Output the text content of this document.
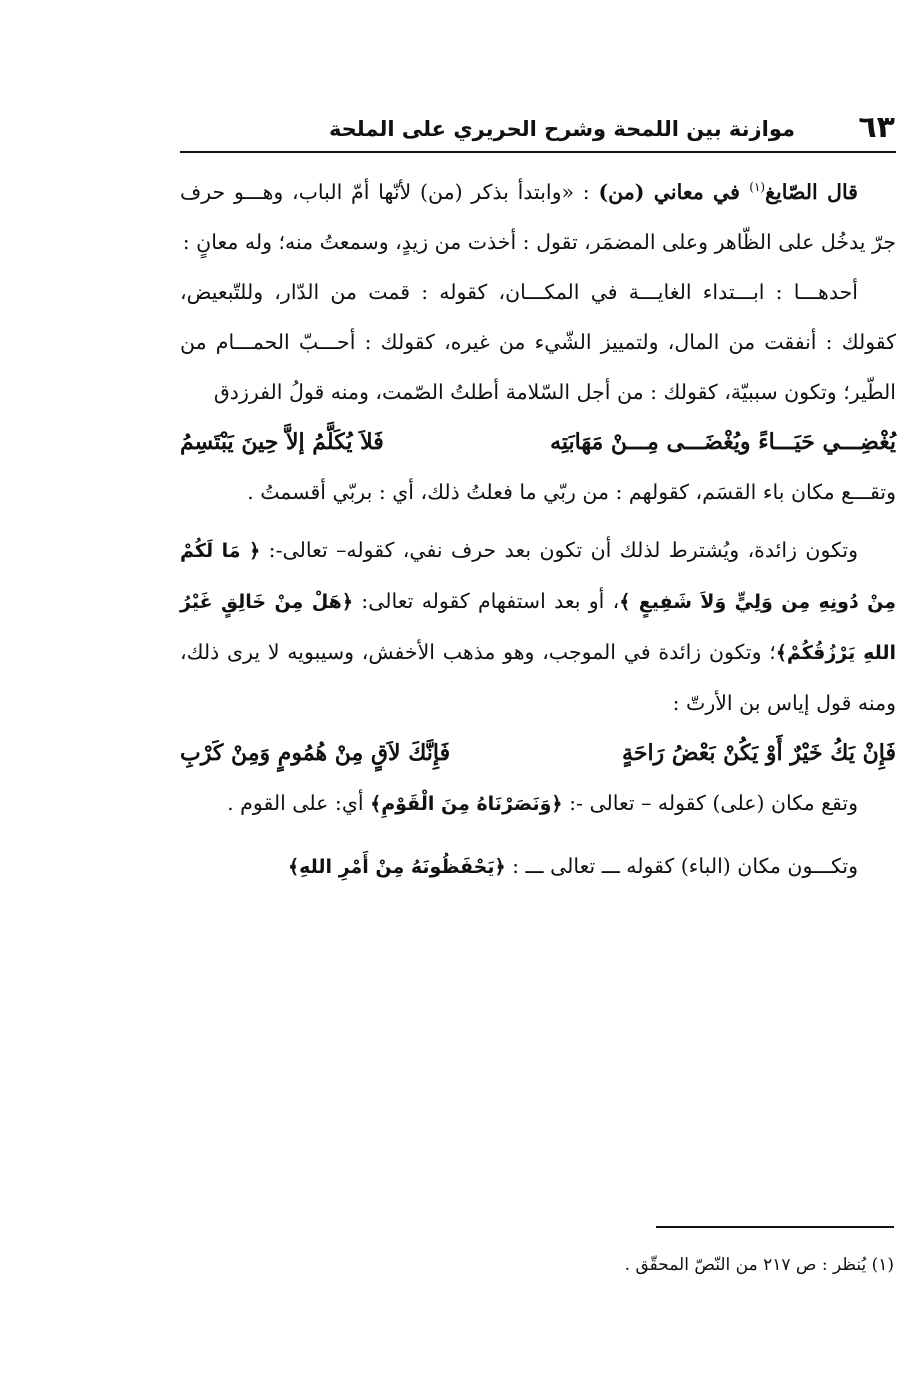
٦٣
موازنة بين اللمحة وشرح الحريري على الملحة

قال الصّايغ$^{(١)}$ في معاني (من) : «وابتدأ بذكر (من) لأنّها أمّ الباب، وهـــو حرف جرّ يدخُل على الظّاهر وعلى المضمَر، تقول : أخذت من زيدٍ، وسمعتُ منه؛ وله معانٍ :

أحدهـــا : ابـــتداء الغايـــة في المكـــان، كقوله : قمت من الدّار، وللتّبعيض، كقولك : أنفقت من المال، ولتمييز الشّيء من غيره، كقولك : أحـــبّ الحمـــام من الطّير؛ وتكون سببيّة، كقولك : من أجل السّلامة أطلتُ الصّمت، ومنه قولُ الفرزدق

يُغْضِـــي حَيَـــاءً ويُغْضَـــى مِـــنْ مَهَابَتِه
فَلاَ يُكَلَّمُ إلاَّ حِينَ يَبْتَسِمُ

وتقـــع مكان باء القسَم، كقولهم : من ربّي ما فعلتُ ذلك، أي : بربّي أقسمتُ .

وتكون زائدة، ويُشترط لذلك أن تكون بعد حرف نفي، كقوله– تعالى-: ﴿ مَا لَكُمْ مِنْ دُونِهِ مِن وَلِيٍّ وَلاَ شَفِيعٍ ﴾، أو بعد استفهام كقوله تعالى: ﴿هَلْ مِنْ خَالِقٍ غَيْرُ اللهِ يَرْزُقُكُمْ﴾؛ وتكون زائدة في الموجب، وهو مذهب الأخفش، وسيبويه لا يرى ذلك، ومنه قول إياس بن الأرتّ :

فَإِنْ يَكُ خَيْرٌ أَوْ يَكُنْ بَعْضُ رَاحَةٍ
فَإِنَّكَ لاَقٍ مِنْ هُمُومٍ وَمِنْ كَرْبِ

وتقع مكان (على) كقوله – تعالى -: ﴿وَنَصَرْنَاهُ مِنَ الْقَوْمِ﴾ أي: على القوم .

وتكـــون مكان (الباء) كقوله ـــ تعالى ـــ : ﴿يَحْفَظُونَهُ مِنْ أَمْرِ اللهِ﴾

(١) يُنظر : ص ٢١٧ من النّصّ المحقّق .
